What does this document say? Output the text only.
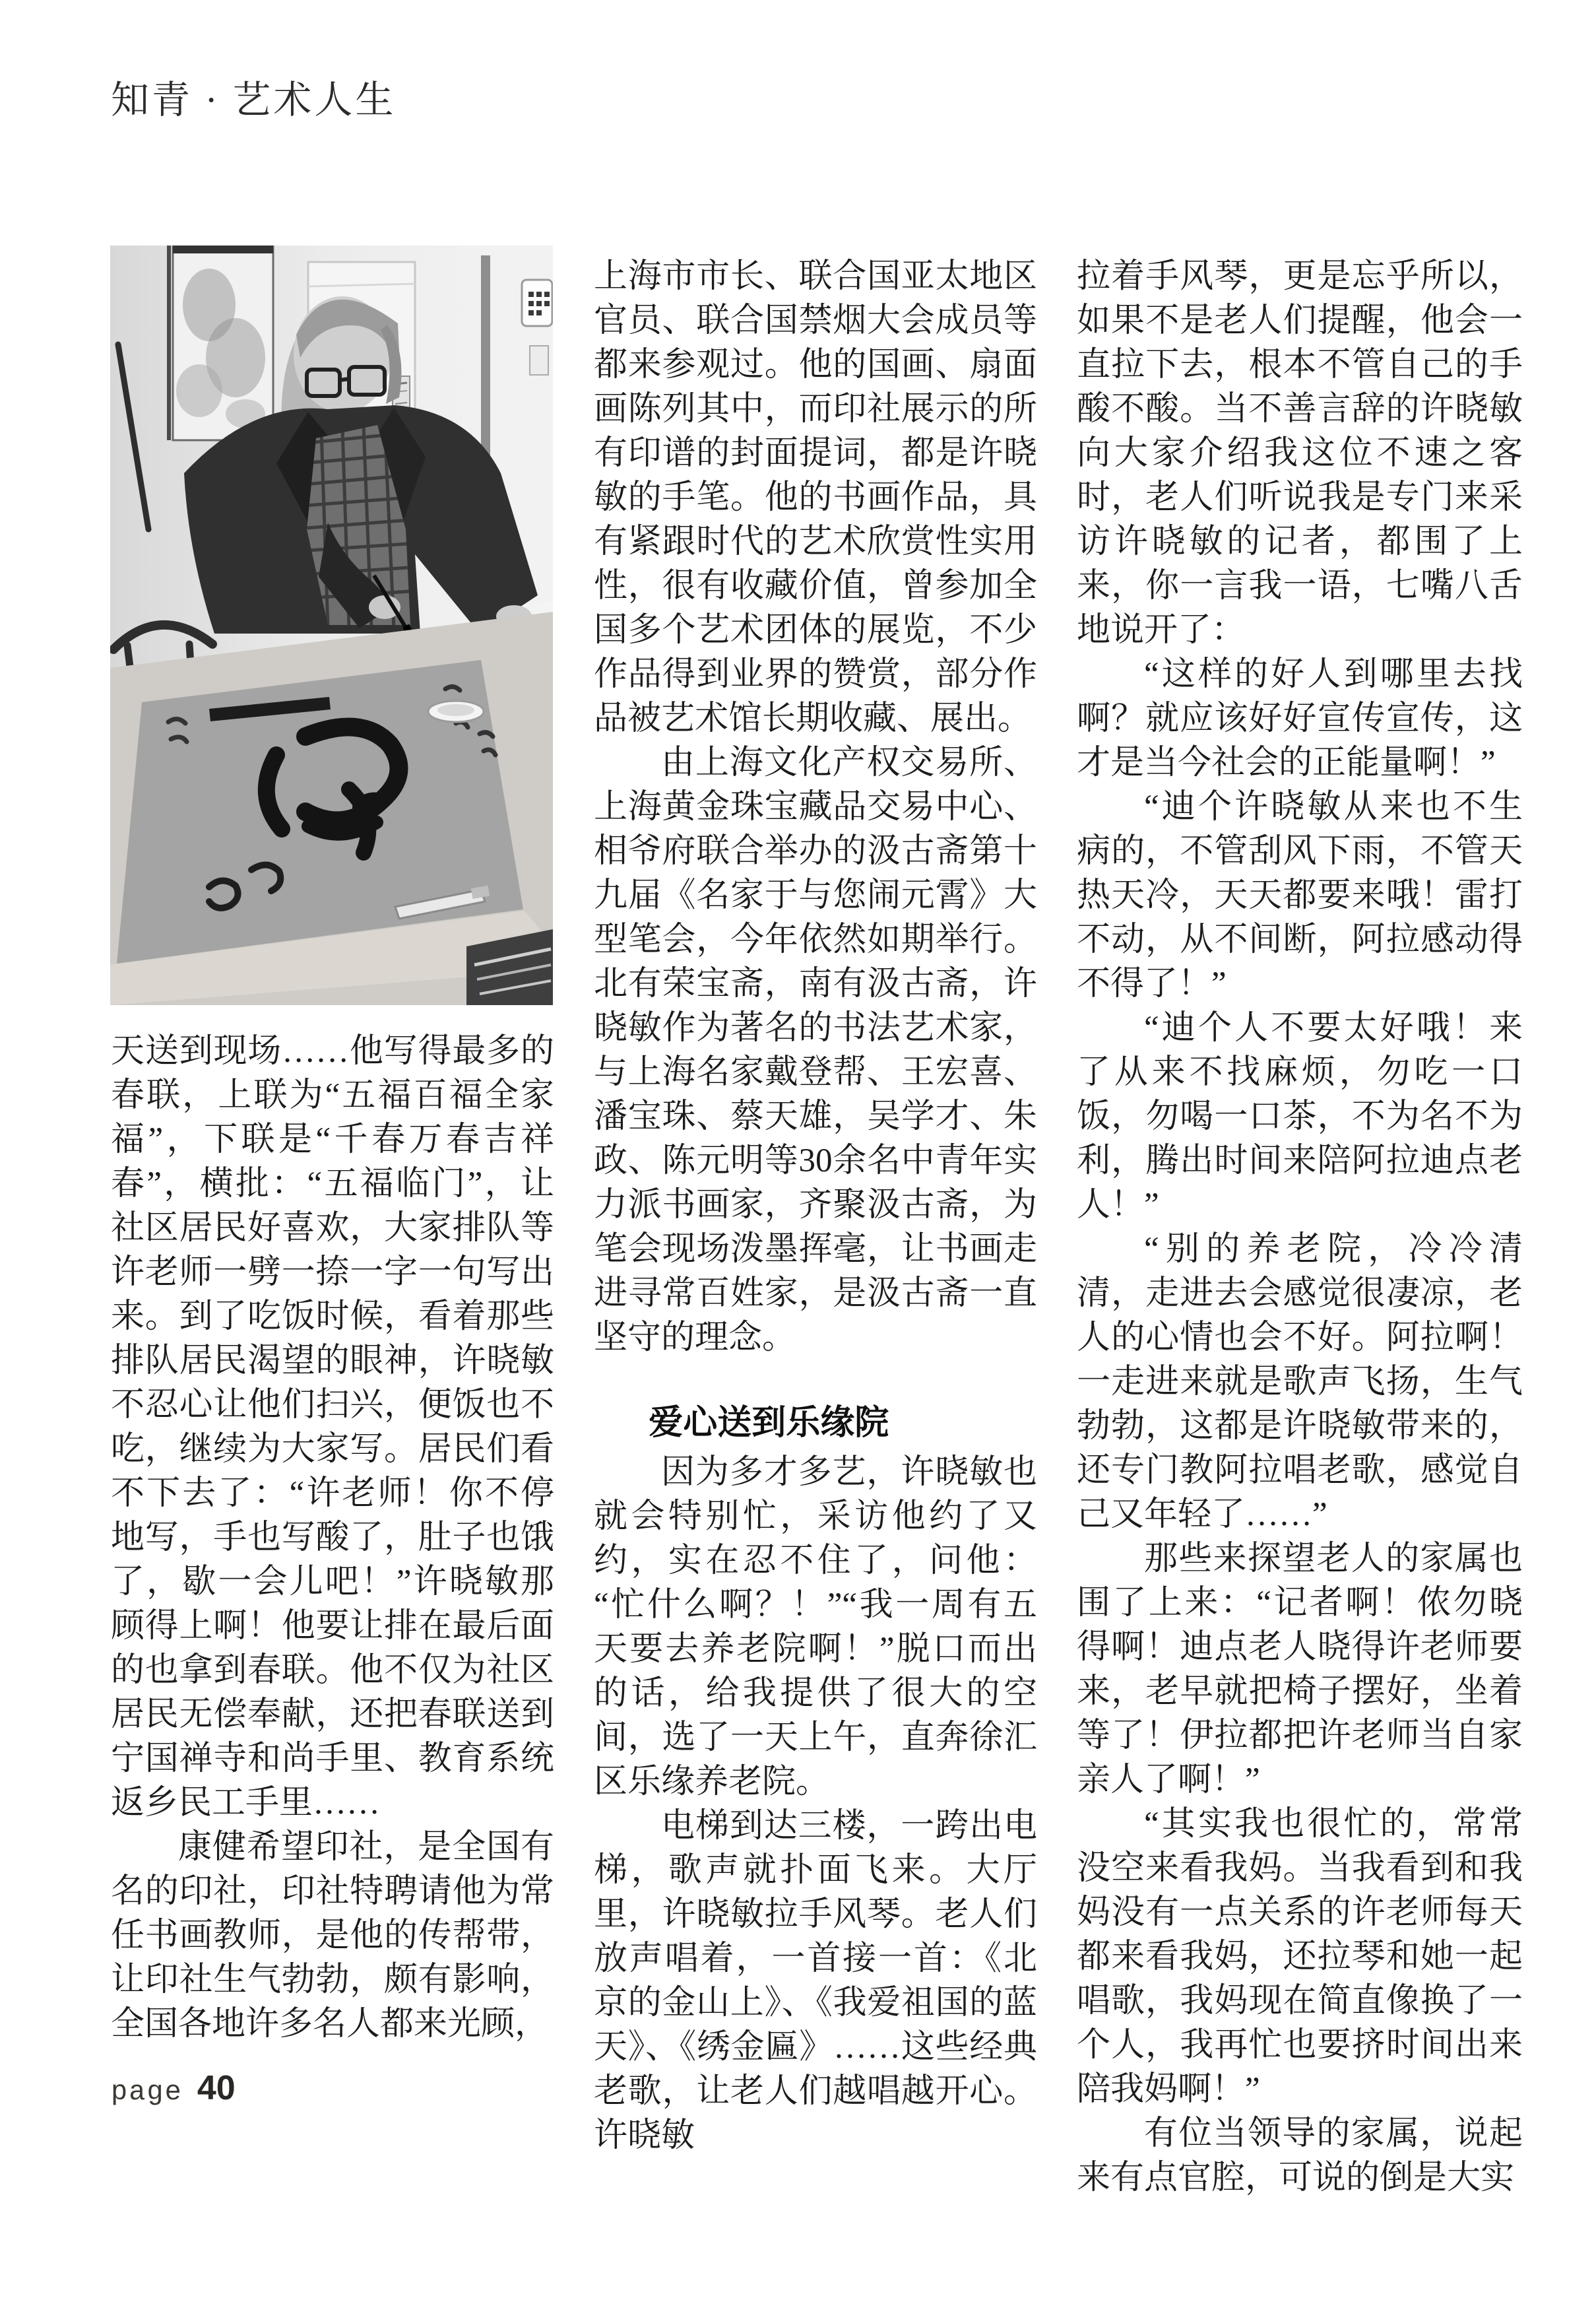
知青 · 艺术人生

天送到现场……他写得最多的春联，上联为“五福百福全家福”，下联是“千春万春吉祥春”，横批：“五福临门”，让社区居民好喜欢，大家排队等许老师一劈一捺一字一句写出来。到了吃饭时候，看着那些排队居民渴望的眼神，许晓敏不忍心让他们扫兴，便饭也不吃，继续为大家写。居民们看不下去了：“许老师！你不停地写，手也写酸了，肚子也饿了，歇一会儿吧！”许晓敏那顾得上啊！他要让排在最后面的也拿到春联。他不仅为社区居民无偿奉献，还把春联送到宁国禅寺和尚手里、教育系统返乡民工手里……

康健希望印社，是全国有名的印社，印社特聘请他为常任书画教师，是他的传帮带，让印社生气勃勃，颇有影响，全国各地许多名人都来光顾，

上海市市长、联合国亚太地区官员、联合国禁烟大会成员等都来参观过。他的国画、扇面画陈列其中，而印社展示的所有印谱的封面提词，都是许晓敏的手笔。他的书画作品，具有紧跟时代的艺术欣赏性实用性，很有收藏价值，曾参加全国多个艺术团体的展览，不少作品得到业界的赞赏，部分作品被艺术馆长期收藏、展出。

由上海文化产权交易所、上海黄金珠宝藏品交易中心、相爷府联合举办的汲古斋第十九届《名家于与您闹元霄》大型笔会，今年依然如期举行。北有荣宝斋，南有汲古斋，许晓敏作为著名的书法艺术家，与上海名家戴登帮、王宏喜、潘宝珠、蔡天雄，吴学才、朱政、陈元明等30余名中青年实力派书画家，齐聚汲古斋，为笔会现场泼墨挥毫，让书画走进寻常百姓家，是汲古斋一直坚守的理念。

爱心送到乐缘院

因为多才多艺，许晓敏也就会特别忙，采访他约了又约，实在忍不住了，问他：“忙什么啊？！”“我一周有五天要去养老院啊！”脱口而出的话，给我提供了很大的空间，选了一天上午，直奔徐汇区乐缘养老院。

电梯到达三楼，一跨出电梯，歌声就扑面飞来。大厅里，许晓敏拉手风琴。老人们放声唱着，一首接一首：《北京的金山上》、《我爱祖国的蓝天》、《绣金匾》……这些经典老歌，让老人们越唱越开心。许晓敏

拉着手风琴，更是忘乎所以，如果不是老人们提醒，他会一直拉下去，根本不管自己的手酸不酸。当不善言辞的许晓敏向大家介绍我这位不速之客时，老人们听说我是专门来采访许晓敏的记者，都围了上来，你一言我一语，七嘴八舌地说开了：

“这样的好人到哪里去找啊？就应该好好宣传宣传，这才是当今社会的正能量啊！”

“迪个许晓敏从来也不生病的，不管刮风下雨，不管天热天冷，天天都要来哦！雷打不动，从不间断，阿拉感动得不得了！”

“迪个人不要太好哦！来了从来不找麻烦，勿吃一口饭，勿喝一口茶，不为名不为利，腾出时间来陪阿拉迪点老人！”

“别的养老院，冷冷清清，走进去会感觉很凄凉，老人的心情也会不好。阿拉啊！一走进来就是歌声飞扬，生气勃勃，这都是许晓敏带来的，还专门教阿拉唱老歌，感觉自己又年轻了……”

那些来探望老人的家属也围了上来：“记者啊！侬勿晓得啊！迪点老人晓得许老师要来，老早就把椅子摆好，坐着等了！伊拉都把许老师当自家亲人了啊！”

“其实我也很忙的，常常没空来看我妈。当我看到和我妈没有一点关系的许老师每天都来看我妈，还拉琴和她一起唱歌，我妈现在简直像换了一个人，我再忙也要挤时间出来陪我妈啊！”

有位当领导的家属，说起来有点官腔，可说的倒是大实

page 40
